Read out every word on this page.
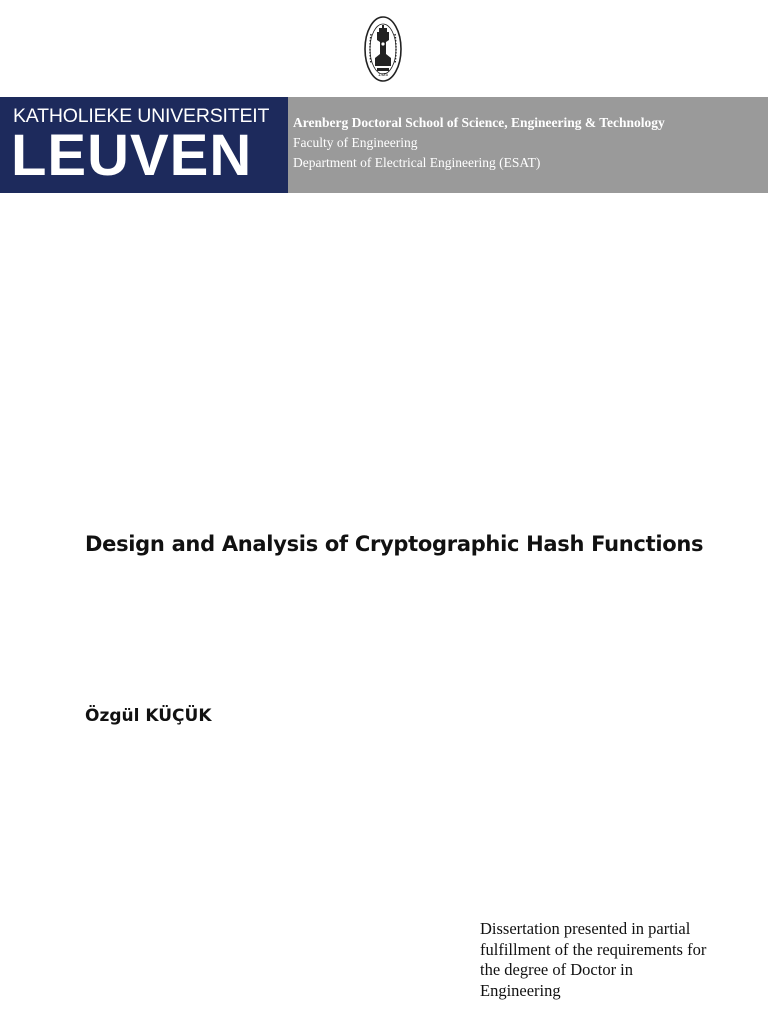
1425
KATHOLIEKE UNIVERSITEIT
LEUVEN
Arenberg Doctoral School of Science, Engineering & Technology
Faculty of Engineering
Department of Electrical Engineering (ESAT)
Design and Analysis of Cryptographic Hash Functions
Özgül KÜÇÜK
Dissertation presented in partial
fulfillment of the requirements for
the degree of Doctor in
Engineering
